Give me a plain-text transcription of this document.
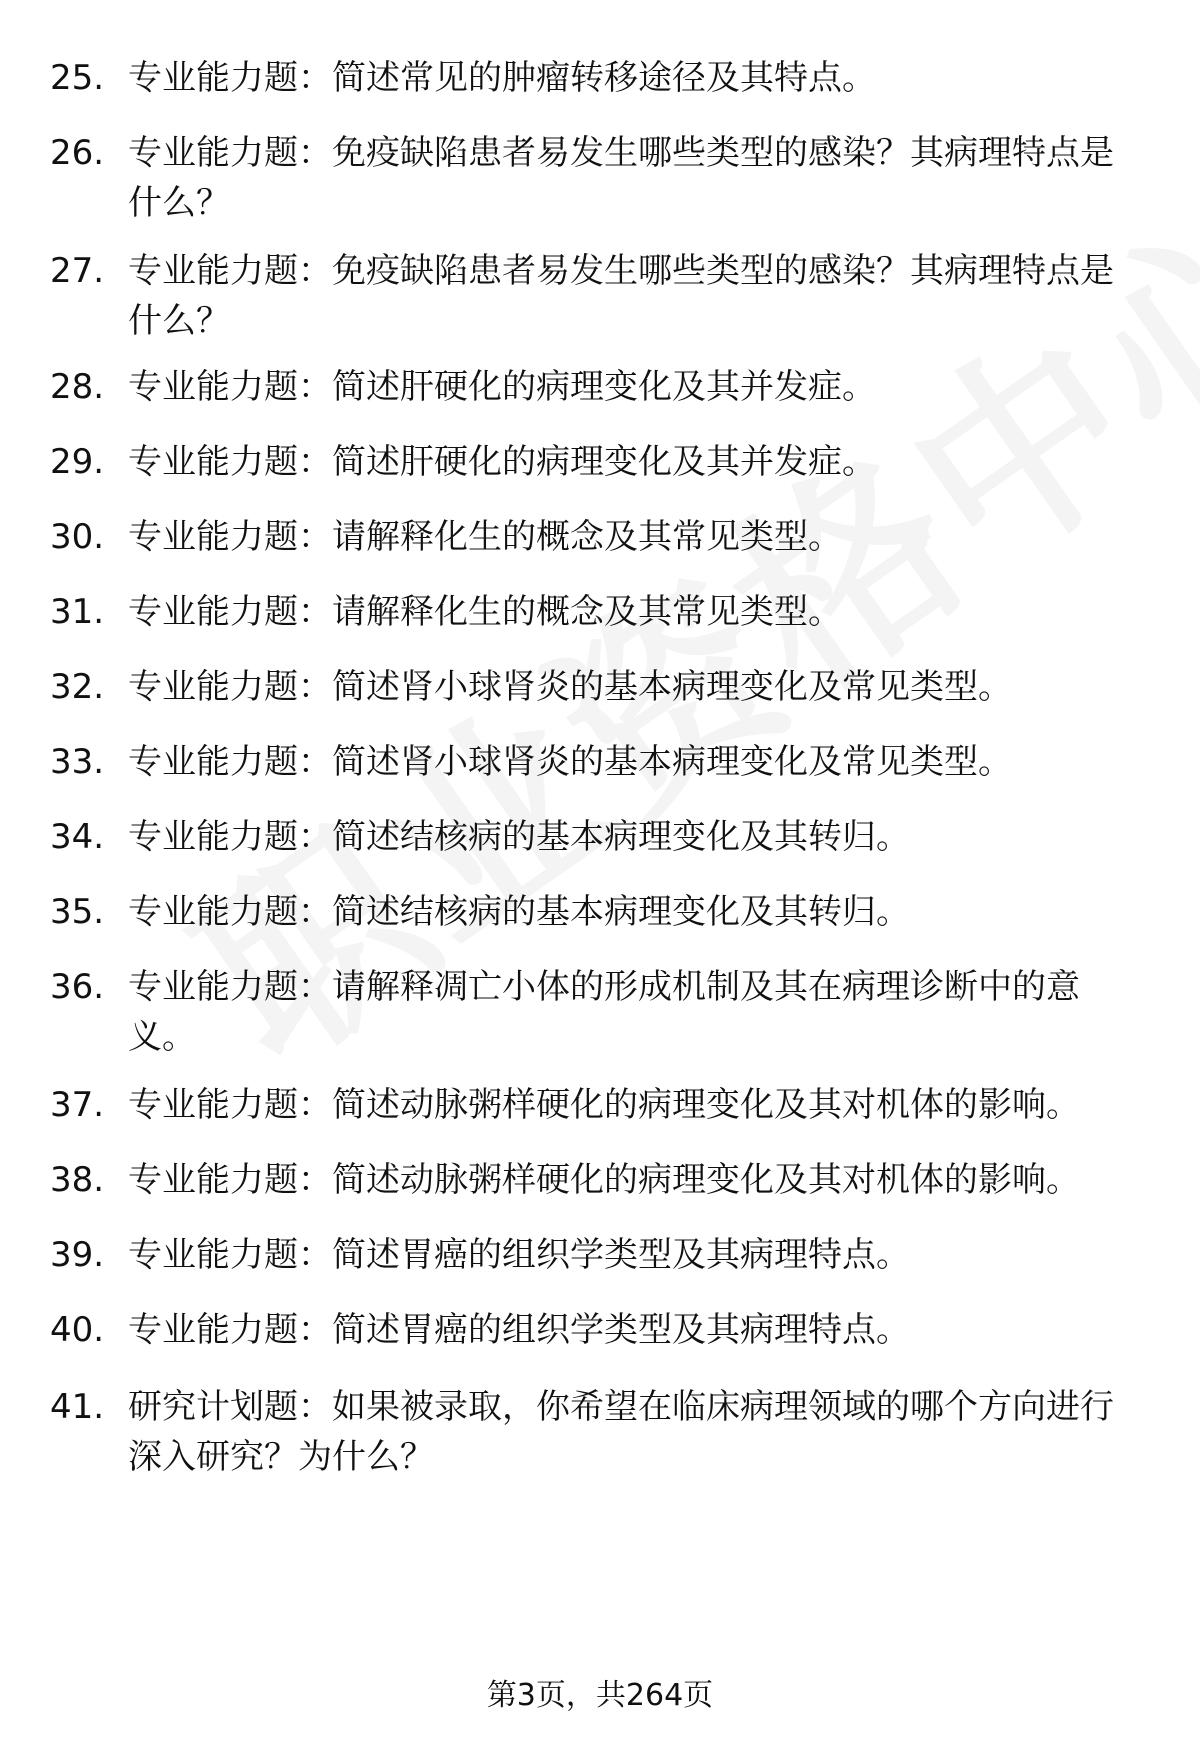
25. 专业能力题：简述常见的肿瘤转移途径及其特点。
26. 专业能力题：免疫缺陷患者易发生哪些类型的感染？其病理特点是什么？
27. 专业能力题：免疫缺陷患者易发生哪些类型的感染？其病理特点是什么？
28. 专业能力题：简述肝硬化的病理变化及其并发症。
29. 专业能力题：简述肝硬化的病理变化及其并发症。
30. 专业能力题：请解释化生的概念及其常见类型。
31. 专业能力题：请解释化生的概念及其常见类型。
32. 专业能力题：简述肾小球肾炎的基本病理变化及常见类型。
33. 专业能力题：简述肾小球肾炎的基本病理变化及常见类型。
34. 专业能力题：简述结核病的基本病理变化及其转归。
35. 专业能力题：简述结核病的基本病理变化及其转归。
36. 专业能力题：请解释凋亡小体的形成机制及其在病理诊断中的意义。
37. 专业能力题：简述动脉粥样硬化的病理变化及其对机体的影响。
38. 专业能力题：简述动脉粥样硬化的病理变化及其对机体的影响。
39. 专业能力题：简述胃癌的组织学类型及其病理特点。
40. 专业能力题：简述胃癌的组织学类型及其病理特点。
41. 研究计划题：如果被录取，你希望在临床病理领域的哪个方向进行深入研究？为什么？
第3页，共264页
